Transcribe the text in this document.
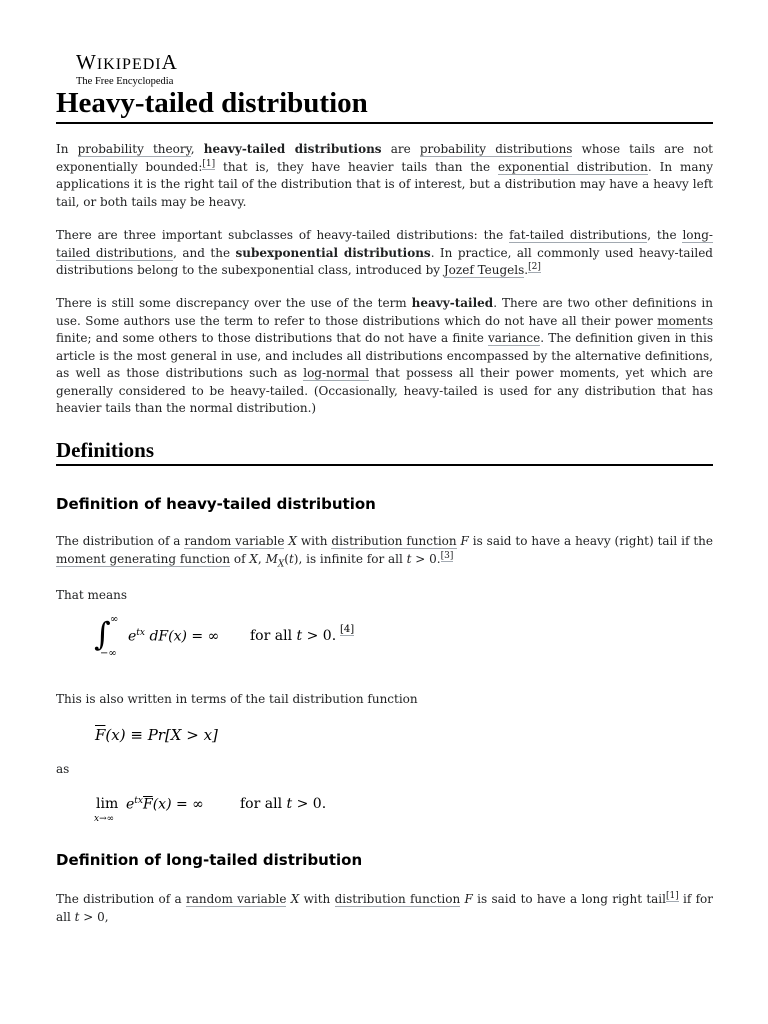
WIKIPEDIA
The Free Encyclopedia
Heavy-tailed distribution

In probability theory, heavy-tailed distributions are probability distributions whose tails are not exponentially bounded:[1] that is, they have heavier tails than the exponential distribution. In many applications it is the right tail of the distribution that is of interest, but a distribution may have a heavy left tail, or both tails may be heavy.

There are three important subclasses of heavy-tailed distributions: the fat-tailed distributions, the long-tailed distributions, and the subexponential distributions. In practice, all commonly used heavy-tailed distributions belong to the subexponential class, introduced by Jozef Teugels.[2]

There is still some discrepancy over the use of the term heavy-tailed. There are two other definitions in use. Some authors use the term to refer to those distributions which do not have all their power moments finite; and some others to those distributions that do not have a finite variance. The definition given in this article is the most general in use, and includes all distributions encompassed by the alternative definitions, as well as those distributions such as log-normal that possess all their power moments, yet which are generally considered to be heavy-tailed. (Occasionally, heavy-tailed is used for any distribution that has heavier tails than the normal distribution.)

Definitions
Definition of heavy-tailed distribution

The distribution of a random variable X with distribution function F is said to have a heavy (right) tail if the moment generating function of X, $M_X(t)$, is infinite for all t > 0.[3]

That means

∫ ∞
−∞
$e^{tx}$ dF(x) = ∞ for all t > 0. [4]

This is also written in terms of the tail distribution function

$\overline{F}(x) \equiv Pr[X > x]$

as

lim
x→∞
$e^{tx}\overline{F}(x)$ = ∞	for all t > 0.
Definition of long-tailed distribution

The distribution of a random variable X with distribution function F is said to have a long right tail[1] if for all t > 0,
